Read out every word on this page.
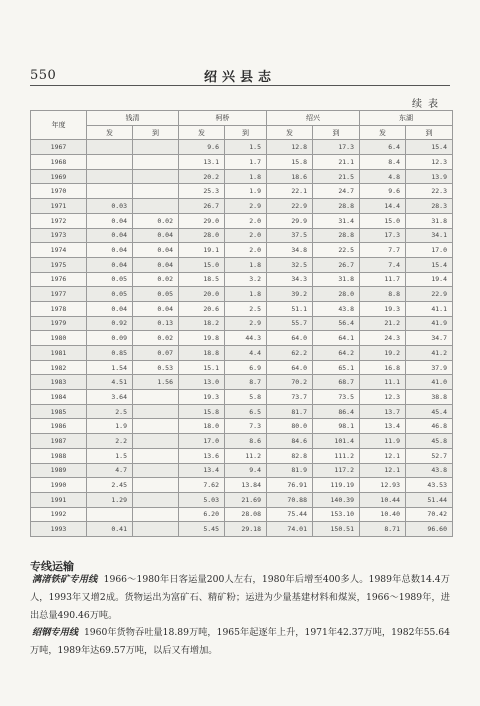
550	绍兴县志
续表
年度	钱清		柯桥		绍兴		东湖	
	发	到	发	到	发	到	发	到
1967			9.6	1.5	12.8	17.3	6.4	15.4
1968			13.1	1.7	15.8	21.1	8.4	12.3
1969			20.2	1.8	18.6	21.5	4.8	13.9
1970			25.3	1.9	22.1	24.7	9.6	22.3
1971	0.03		26.7	2.9	22.9	28.8	14.4	28.3
1972	0.04	0.02	29.0	2.0	29.9	31.4	15.0	31.8
1973	0.04	0.04	28.0	2.0	37.5	28.8	17.3	34.1
1974	0.04	0.04	19.1	2.0	34.8	22.5	7.7	17.0
1975	0.04	0.04	15.0	1.8	32.5	26.7	7.4	15.4
1976	0.05	0.02	18.5	3.2	34.3	31.8	11.7	19.4
1977	0.05	0.05	20.0	1.8	39.2	28.0	8.8	22.9
1978	0.04	0.04	20.6	2.5	51.1	43.8	19.3	41.1
1979	0.92	0.13	18.2	2.9	55.7	56.4	21.2	41.9
1980	0.09	0.02	19.8	44.3	64.0	64.1	24.3	34.7
1981	0.85	0.07	18.8	4.4	62.2	64.2	19.2	41.2
1982	1.54	0.53	15.1	6.9	64.0	65.1	16.8	37.9
1983	4.51	1.56	13.0	8.7	70.2	68.7	11.1	41.0
1984	3.64		19.3	5.8	73.7	73.5	12.3	38.8
1985	2.5		15.8	6.5	81.7	86.4	13.7	45.4
1986	1.9		18.0	7.3	80.0	98.1	13.4	46.8
1987	2.2		17.0	8.6	84.6	101.4	11.9	45.8
1988	1.5		13.6	11.2	82.8	111.2	12.1	52.7
1989	4.7		13.4	9.4	81.9	117.2	12.1	43.8
1990	2.45		7.62	13.84	76.91	119.19	12.93	43.53
1991	1.29		5.03	21.69	70.88	140.39	10.44	51.44
1992			6.20	28.08	75.44	153.10	10.40	70.42
1993	0.41		5.45	29.18	74.01	150.51	8.71	96.60
专线运输
漓渚铁矿专用线 1966～1980年日客运量200人左右，1980年后增至400多人。1989年总数14.4万人，1993年又增2成。货物运出为富矿石、精矿粉；运进为少量基建材料和煤炭，1966～1989年，进出总量490.46万吨。
绍钢专用线 1960年货物吞吐量18.89万吨，1965年起逐年上升，1971年42.37万吨，1982年55.64万吨，1989年达69.57万吨，以后又有增加。
